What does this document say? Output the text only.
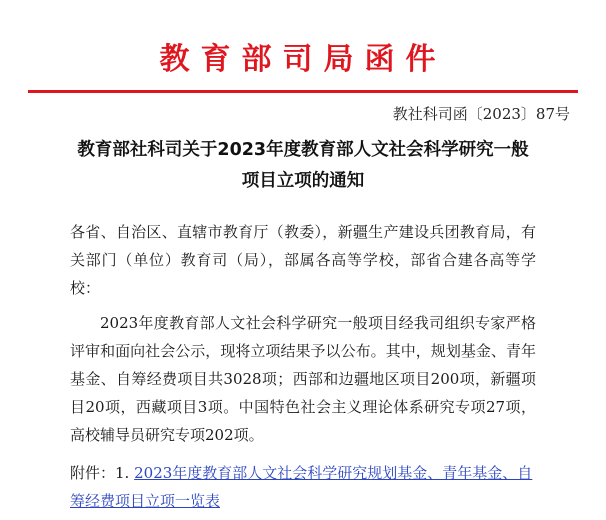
教育部司局函件
教社科司函〔2023〕87号
教育部社科司关于2023年度教育部人文社会科学研究一般
项目立项的通知
各省、自治区、直辖市教育厅（教委），新疆生产建设兵团教育局，有关部门（单位）教育司（局），部属各高等学校，部省合建各高等学校：
2023年度教育部人文社会科学研究一般项目经我司组织专家严格评审和面向社会公示，现将立项结果予以公布。其中，规划基金、青年基金、自筹经费项目共3028项；西部和边疆地区项目200项，新疆项目20项，西藏项目3项。中国特色社会主义理论体系研究专项27项，高校辅导员研究专项202项。
附件：1. 2023年度教育部人文社会科学研究规划基金、青年基金、自筹经费项目立项一览表
